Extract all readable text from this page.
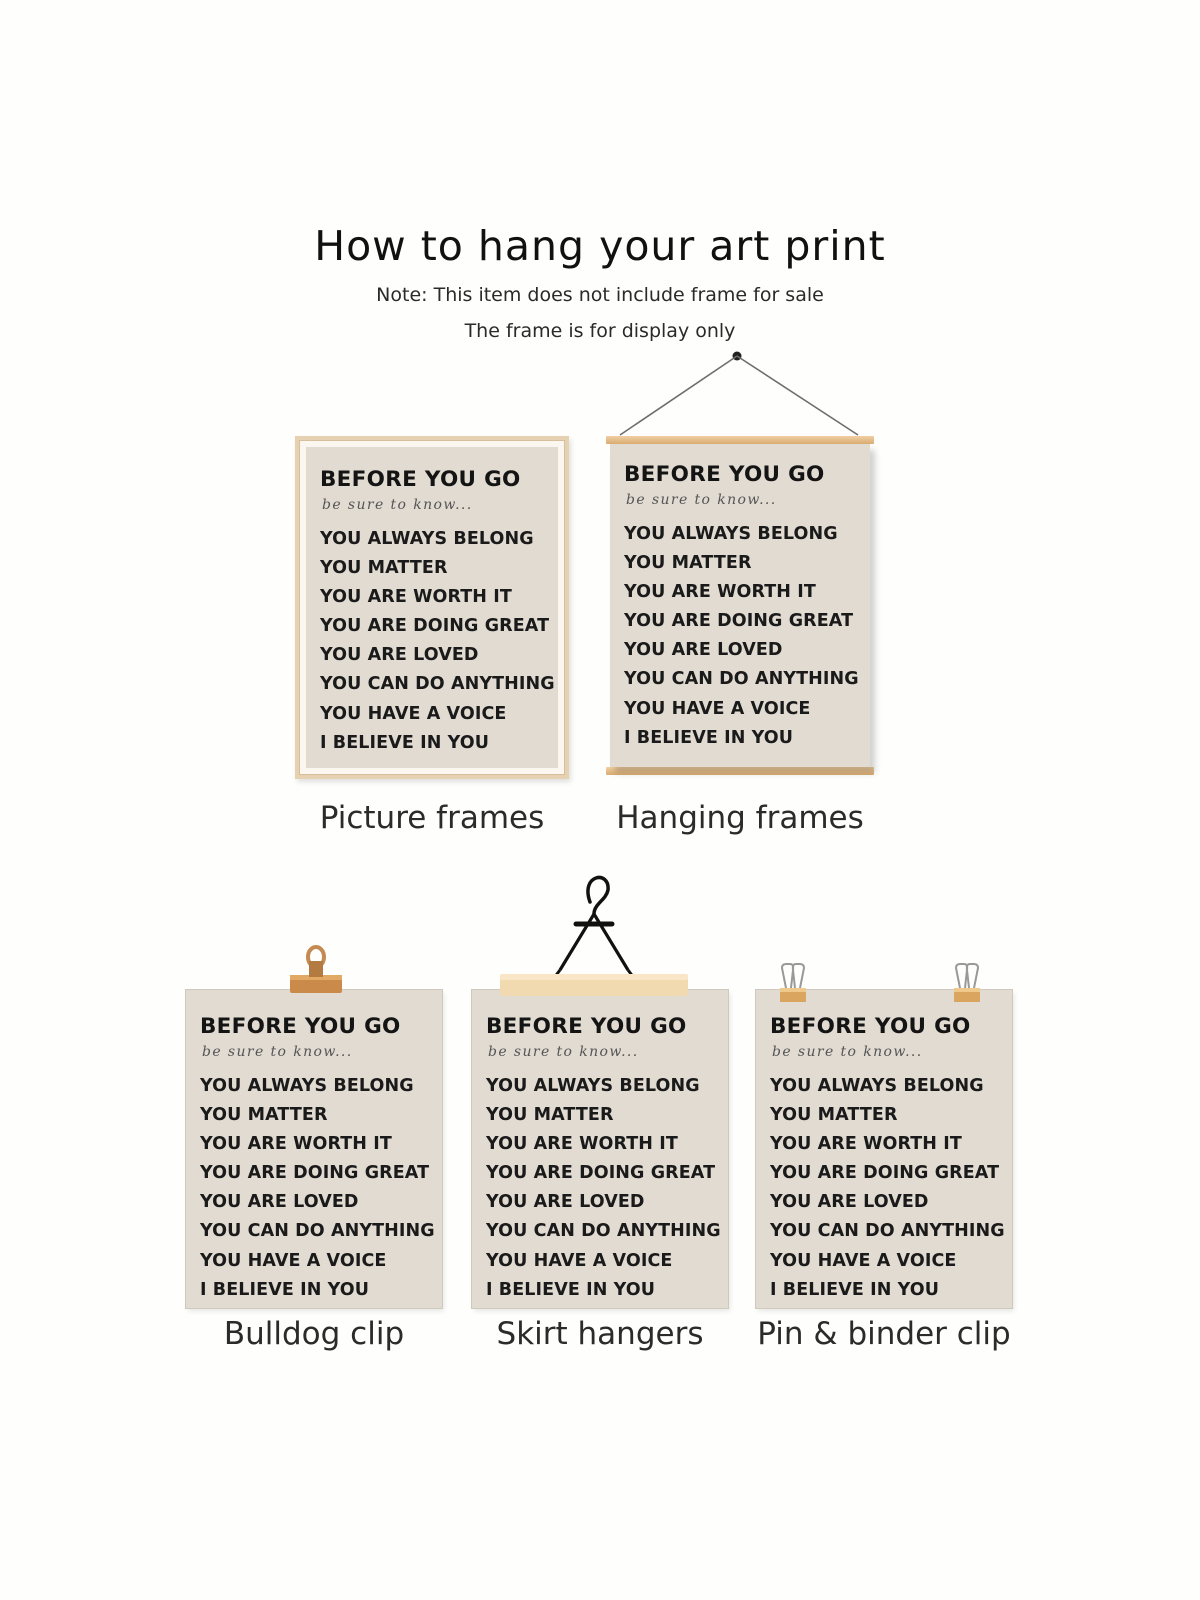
How to hang your art print
Note: This item does not include frame for sale
The frame is for display only
BEFORE YOU GO
be sure to know...
YOU ALWAYS BELONG
YOU MATTER
YOU ARE WORTH IT
YOU ARE DOING GREAT
YOU ARE LOVED
YOU CAN DO ANYTHING
YOU HAVE A VOICE
I BELIEVE IN YOU
Picture frames
BEFORE YOU GO
be sure to know...
YOU ALWAYS BELONG
YOU MATTER
YOU ARE WORTH IT
YOU ARE DOING GREAT
YOU ARE LOVED
YOU CAN DO ANYTHING
YOU HAVE A VOICE
I BELIEVE IN YOU
Hanging frames
BEFORE YOU GO
be sure to know...
YOU ALWAYS BELONG
YOU MATTER
YOU ARE WORTH IT
YOU ARE DOING GREAT
YOU ARE LOVED
YOU CAN DO ANYTHING
YOU HAVE A VOICE
I BELIEVE IN YOU
Bulldog clip
BEFORE YOU GO
be sure to know...
YOU ALWAYS BELONG
YOU MATTER
YOU ARE WORTH IT
YOU ARE DOING GREAT
YOU ARE LOVED
YOU CAN DO ANYTHING
YOU HAVE A VOICE
I BELIEVE IN YOU
Skirt hangers
BEFORE YOU GO
be sure to know...
YOU ALWAYS BELONG
YOU MATTER
YOU ARE WORTH IT
YOU ARE DOING GREAT
YOU ARE LOVED
YOU CAN DO ANYTHING
YOU HAVE A VOICE
I BELIEVE IN YOU
Pin & binder clip
